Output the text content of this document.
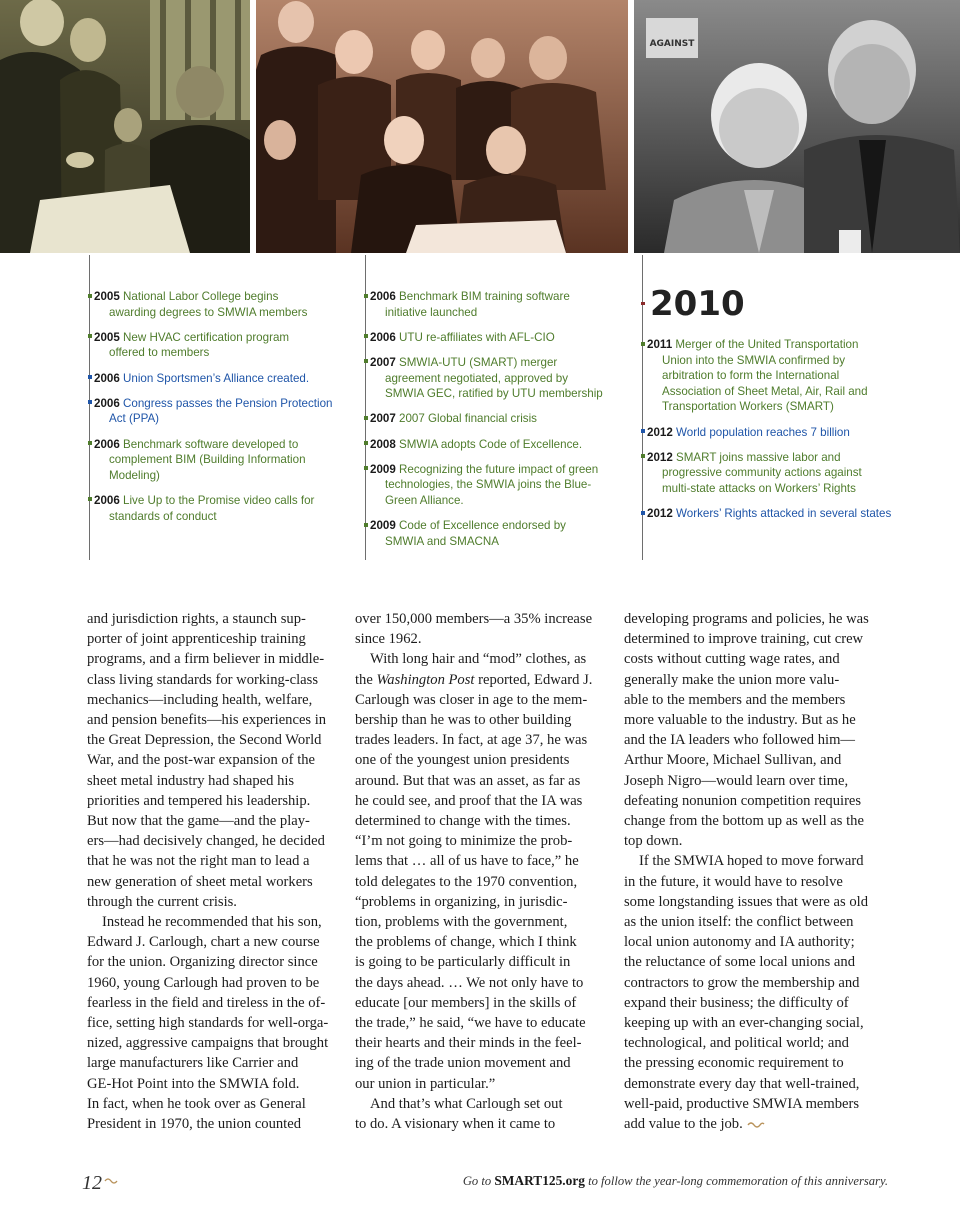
AGAINST
2005 National Labor College begins
awarding degrees to SMWIA members
2005 New HVAC certification program
offered to members
2006 Union Sportsmen’s Alliance created.
2006 Congress passes the Pension Protection
Act (PPA)
2006 Benchmark software developed to
complement BIM (Building Information
Modeling)
2006 Live Up to the Promise video calls for
standards of conduct
2006 Benchmark BIM training software
initiative launched
2006 UTU re-affiliates with AFL-CIO
2007 SMWIA-UTU (SMART) merger
agreement negotiated, approved by
SMWIA GEC, ratified by UTU membership
2007 2007 Global financial crisis
2008 SMWIA adopts Code of Excellence.
2009 Recognizing the future impact of green
technologies, the SMWIA joins the Blue-
Green Alliance.
2009 Code of Excellence endorsed by
SMWIA and SMACNA
2010
2011 Merger of the United Transportation
Union into the SMWIA confirmed by
arbitration to form the International
Association of Sheet Metal, Air, Rail and
Transportation Workers (SMART)
2012 World population reaches 7 billion
2012 SMART joins massive labor and
progressive community actions against
multi-state attacks on Workers’ Rights
2012 Workers’ Rights attacked in several states

and jurisdiction rights, a staunch sup-
porter of joint apprenticeship training
programs, and a firm believer in middle-
class living standards for working-class
mechanics—including health, welfare,
and pension benefits—his experiences in
the Great Depression, the Second World
War, and the post-war expansion of the
sheet metal industry had shaped his
priorities and tempered his leadership.
But now that the game—and the play-
ers—had decisively changed, he decided
that he was not the right man to lead a
new generation of sheet metal workers
through the current crisis.

Instead he recommended that his son,
Edward J. Carlough, chart a new course
for the union. Organizing director since
1960, young Carlough had proven to be
fearless in the field and tireless in the of-
fice, setting high standards for well-orga-
nized, aggressive campaigns that brought
large manufacturers like Carrier and
GE-Hot Point into the SMWIA fold.
In fact, when he took over as General
President in 1970, the union counted

over 150,000 members—a 35% increase
since 1962.

With long hair and “mod” clothes, as
the Washington Post reported, Edward J.
Carlough was closer in age to the mem-
bership than he was to other building
trades leaders. In fact, at age 37, he was
one of the youngest union presidents
around. But that was an asset, as far as
he could see, and proof that the IA was
determined to change with the times.
“I’m not going to minimize the prob-
lems that … all of us have to face,” he
told delegates to the 1970 convention,
“problems in organizing, in jurisdic-
tion, problems with the government,
the problems of change, which I think
is going to be particularly difficult in
the days ahead. … We not only have to
educate [our members] in the skills of
the trade,” he said, “we have to educate
their hearts and their minds in the feel-
ing of the trade union movement and
our union in particular.”

And that’s what Carlough set out
to do. A visionary when it came to

developing programs and policies, he was
determined to improve training, cut crew
costs without cutting wage rates, and
generally make the union more valu-
able to the members and the members
more valuable to the industry. But as he
and the IA leaders who followed him—
Arthur Moore, Michael Sullivan, and
Joseph Nigro—would learn over time,
defeating nonunion competition requires
change from the bottom up as well as the
top down.

If the SMWIA hoped to move forward
in the future, it would have to resolve
some longstanding issues that were as old
as the union itself: the conflict between
local union autonomy and IA authority;
the reluctance of some local unions and
contractors to grow the membership and
expand their business; the difficulty of
keeping up with an ever-changing social,
technological, and political world; and
the pressing economic requirement to
demonstrate every day that well-trained,
well-paid, productive SMWIA members
add value to the job.

12	Go to SMART125.org to follow the year-long commemoration of this anniversary.
